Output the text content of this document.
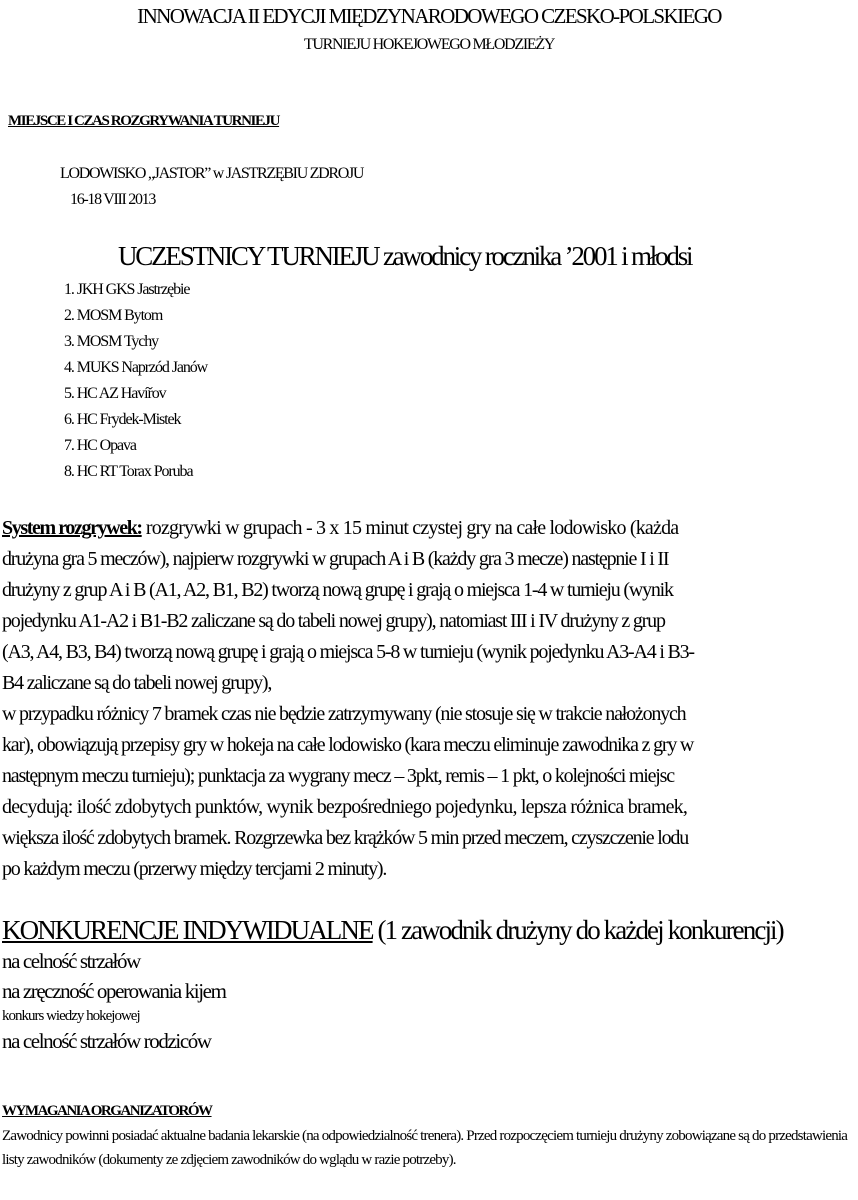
INNOWACJA II EDYCJI MIĘDZYNARODOWEGO CZESKO-POLSKIEGO
TURNIEJU HOKEJOWEGO MŁODZIEŻY
MIEJSCE I CZAS ROZGRYWANIA TURNIEJU
LODOWISKO „JASTOR” w JASTRZĘBIU ZDROJU
16-18 VIII 2013
UCZESTNICY TURNIEJU zawodnicy rocznika ’2001 i młodsi
1. JKH GKS Jastrzębie
2. MOSM Bytom
3. MOSM Tychy
4. MUKS Naprzód Janów
5. HC AZ Havířov
6. HC Frydek-Mistek
7. HC Opava
8. HC RT Torax Poruba
System rozgrywek: rozgrywki w grupach - 3 x 15 minut czystej gry na całe lodowisko (każda
drużyna gra 5 meczów), najpierw rozgrywki w grupach A i B (każdy gra 3 mecze) następnie I i II
drużyny z grup A i B (A1, A2, B1, B2) tworzą nową grupę i grają o miejsca 1-4 w turnieju (wynik
pojedynku A1-A2 i B1-B2 zaliczane są do tabeli nowej grupy), natomiast III i IV drużyny z grup
(A3, A4, B3, B4) tworzą nową grupę i grają o miejsca 5-8 w turnieju (wynik pojedynku A3-A4 i B3-
B4 zaliczane są do tabeli nowej grupy),
w przypadku różnicy 7 bramek czas nie będzie zatrzymywany (nie stosuje się w trakcie nałożonych
kar), obowiązują przepisy gry w hokeja na całe lodowisko (kara meczu eliminuje zawodnika z gry w
następnym meczu turnieju); punktacja za wygrany mecz – 3pkt, remis – 1 pkt, o kolejności miejsc
decydują: ilość zdobytych punktów, wynik bezpośredniego pojedynku, lepsza różnica bramek,
większa ilość zdobytych bramek. Rozgrzewka bez krążków 5 min przed meczem, czyszczenie lodu
po każdym meczu (przerwy między tercjami 2 minuty).
KONKURENCJE INDYWIDUALNE (1 zawodnik drużyny do każdej konkurencji)
na celność strzałów
na zręczność operowania kijem
konkurs wiedzy hokejowej
na celność strzałów rodziców
WYMAGANIA ORGANIZATORÓW
Zawodnicy powinni posiadać aktualne badania lekarskie (na odpowiedzialność trenera). Przed rozpoczęciem turnieju drużyny zobowiązane są do przedstawienia listy zawodników (dokumenty ze zdjęciem zawodników do wglądu w razie potrzeby).
